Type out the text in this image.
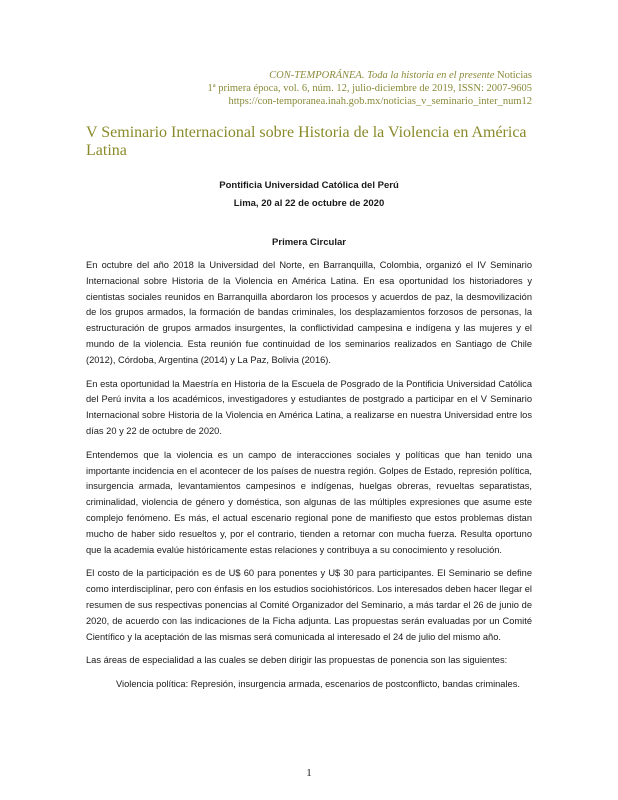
CON-TEMPORÁNEA. Toda la historia en el presente Noticias
1ª primera época, vol. 6, núm. 12, julio-diciembre de 2019, ISSN: 2007-9605
https://con-temporanea.inah.gob.mx/noticias_v_seminario_inter_num12
V Seminario Internacional sobre Historia de la Violencia en América Latina
Pontificia Universidad Católica del Perú
Lima, 20 al 22 de octubre de 2020
Primera Circular

En octubre del año 2018 la Universidad del Norte, en Barranquilla, Colombia, organizó el IV Seminario Internacional sobre Historia de la Violencia en América Latina. En esa oportunidad los historiadores y cientistas sociales reunidos en Barranquilla abordaron los procesos y acuerdos de paz, la desmovilización de los grupos armados, la formación de bandas criminales, los desplazamientos forzosos de personas, la estructuración de grupos armados insurgentes, la conflictividad campesina e indígena y las mujeres y el mundo de la violencia. Esta reunión fue continuidad de los seminarios realizados en Santiago de Chile (2012), Córdoba, Argentina (2014) y La Paz, Bolivia (2016).

En esta oportunidad la Maestría en Historia de la Escuela de Posgrado de la Pontificia Universidad Católica del Perú invita a los académicos, investigadores y estudiantes de postgrado a participar en el V Seminario Internacional sobre Historia de la Violencia en América Latina, a realizarse en nuestra Universidad entre los días 20 y 22 de octubre de 2020.

Entendemos que la violencia es un campo de interacciones sociales y políticas que han tenido una importante incidencia en el acontecer de los países de nuestra región. Golpes de Estado, represión política, insurgencia armada, levantamientos campesinos e indígenas, huelgas obreras, revueltas separatistas, criminalidad, violencia de género y doméstica, son algunas de las múltiples expresiones que asume este complejo fenómeno. Es más, el actual escenario regional pone de manifiesto que estos problemas distan mucho de haber sido resueltos y, por el contrario, tienden a retornar con mucha fuerza. Resulta oportuno que la academia evalúe históricamente estas relaciones y contribuya a su conocimiento y resolución.

El costo de la participación es de U$ 60 para ponentes y U$ 30 para participantes. El Seminario se define como interdisciplinar, pero con énfasis en los estudios sociohistóricos. Los interesados deben hacer llegar el resumen de sus respectivas ponencias al Comité Organizador del Seminario, a más tardar el 26 de junio de 2020, de acuerdo con las indicaciones de la Ficha adjunta. Las propuestas serán evaluadas por un Comité Científico y la aceptación de las mismas será comunicada al interesado el 24 de julio del mismo año.

Las áreas de especialidad a las cuales se deben dirigir las propuestas de ponencia son las siguientes:

Violencia política: Represión, insurgencia armada, escenarios de postconflicto, bandas criminales.

1
